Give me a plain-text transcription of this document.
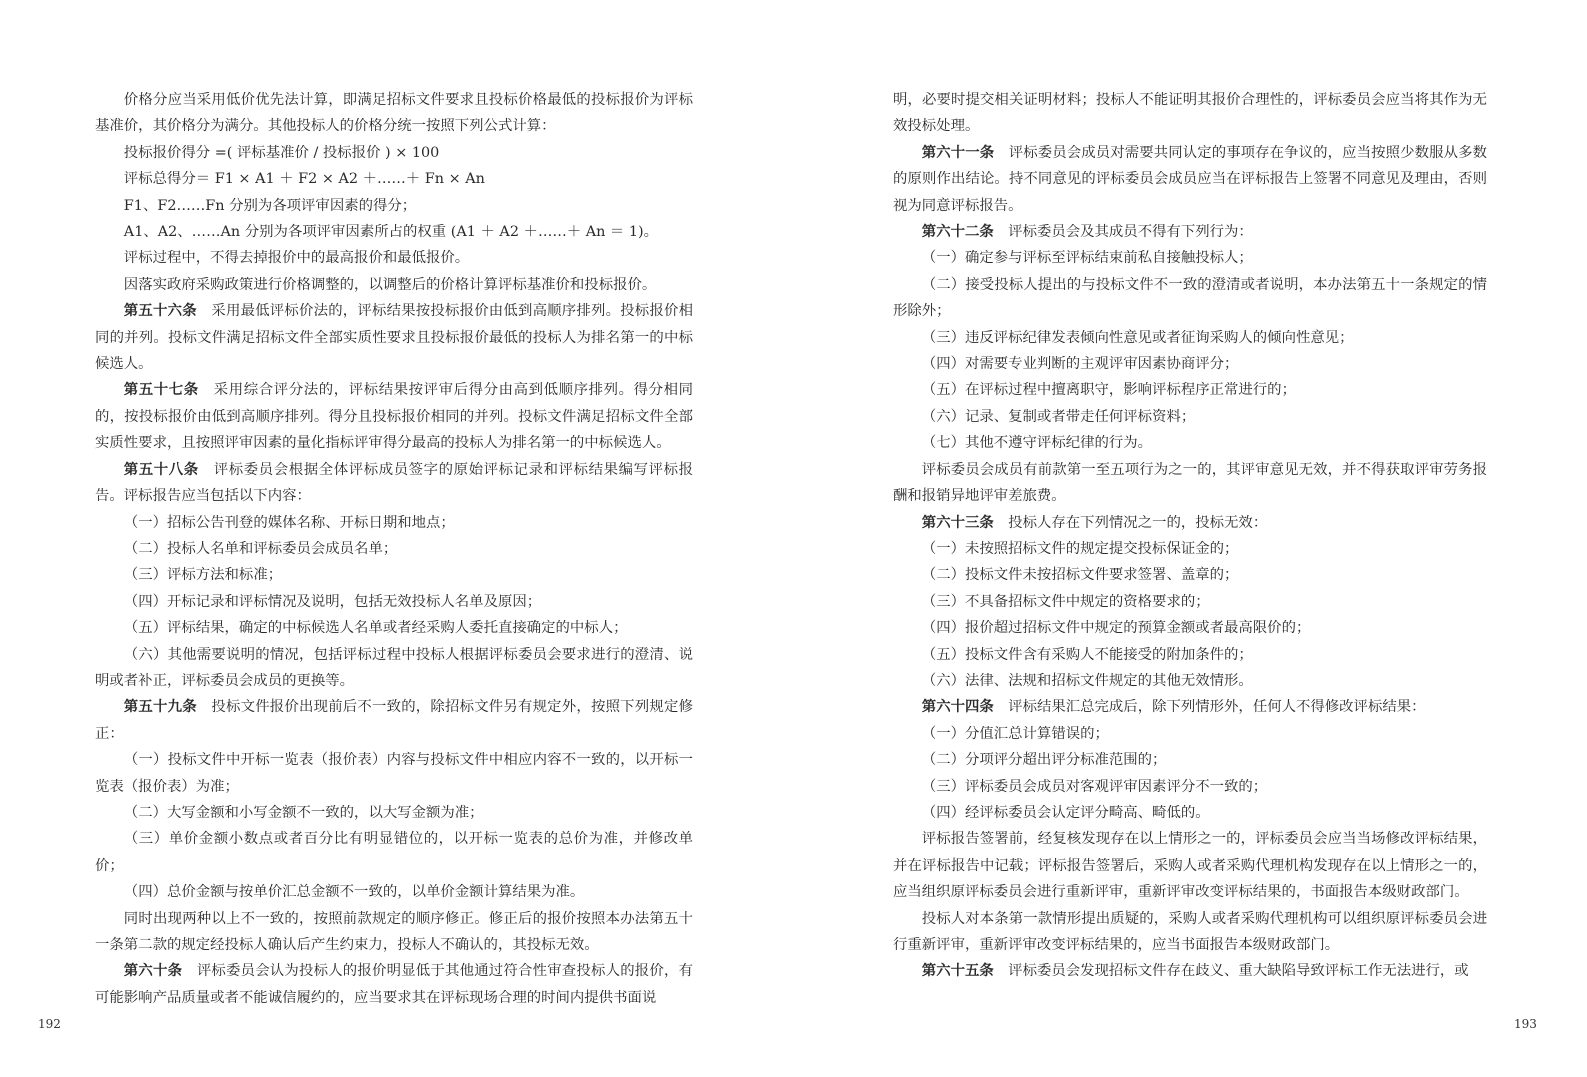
价格分应当采用低价优先法计算，即满足招标文件要求且投标价格最低的投标报价为评标基准价，其价格分为满分。其他投标人的价格分统一按照下列公式计算：

投标报价得分 =( 评标基准价 / 投标报价 ) × 100

评标总得分＝ F1 × A1 ＋ F2 × A2 ＋……＋ Fn × An

F1、F2……Fn 分别为各项评审因素的得分；

A1、A2、……An 分别为各项评审因素所占的权重 (A1 ＋ A2 ＋……＋ An ＝ 1)。

评标过程中，不得去掉报价中的最高报价和最低报价。

因落实政府采购政策进行价格调整的，以调整后的价格计算评标基准价和投标报价。

第五十六条　 采用最低评标价法的，评标结果按投标报价由低到高顺序排列。投标报价相同的并列。投标文件满足招标文件全部实质性要求且投标报价最低的投标人为排名第一的中标候选人。

第五十七条　 采用综合评分法的，评标结果按评审后得分由高到低顺序排列。得分相同的，按投标报价由低到高顺序排列。得分且投标报价相同的并列。投标文件满足招标文件全部实质性要求，且按照评审因素的量化指标评审得分最高的投标人为排名第一的中标候选人。

第五十八条　 评标委员会根据全体评标成员签字的原始评标记录和评标结果编写评标报告。评标报告应当包括以下内容：

（一）招标公告刊登的媒体名称、开标日期和地点；

（二）投标人名单和评标委员会成员名单；

（三）评标方法和标准；

（四）开标记录和评标情况及说明，包括无效投标人名单及原因；

（五）评标结果，确定的中标候选人名单或者经采购人委托直接确定的中标人；

（六）其他需要说明的情况，包括评标过程中投标人根据评标委员会要求进行的澄清、说明或者补正，评标委员会成员的更换等。

第五十九条　 投标文件报价出现前后不一致的，除招标文件另有规定外，按照下列规定修正：

（一）投标文件中开标一览表（报价表）内容与投标文件中相应内容不一致的，以开标一览表（报价表）为准；

（二）大写金额和小写金额不一致的，以大写金额为准；

（三）单价金额小数点或者百分比有明显错位的，以开标一览表的总价为准，并修改单价；

（四）总价金额与按单价汇总金额不一致的，以单价金额计算结果为准。

同时出现两种以上不一致的，按照前款规定的顺序修正。修正后的报价按照本办法第五十一条第二款的规定经投标人确认后产生约束力，投标人不确认的，其投标无效。

第六十条　 评标委员会认为投标人的报价明显低于其他通过符合性审查投标人的报价，有可能影响产品质量或者不能诚信履约的，应当要求其在评标现场合理的时间内提供书面说

192

明，必要时提交相关证明材料；投标人不能证明其报价合理性的，评标委员会应当将其作为无效投标处理。

第六十一条　 评标委员会成员对需要共同认定的事项存在争议的，应当按照少数服从多数的原则作出结论。持不同意见的评标委员会成员应当在评标报告上签署不同意见及理由，否则视为同意评标报告。

第六十二条　 评标委员会及其成员不得有下列行为：

（一）确定参与评标至评标结束前私自接触投标人；

（二）接受投标人提出的与投标文件不一致的澄清或者说明，本办法第五十一条规定的情形除外；

（三）违反评标纪律发表倾向性意见或者征询采购人的倾向性意见；

（四）对需要专业判断的主观评审因素协商评分；

（五）在评标过程中擅离职守，影响评标程序正常进行的；

（六）记录、复制或者带走任何评标资料；

（七）其他不遵守评标纪律的行为。

评标委员会成员有前款第一至五项行为之一的，其评审意见无效，并不得获取评审劳务报酬和报销异地评审差旅费。

第六十三条　 投标人存在下列情况之一的，投标无效：

（一）未按照招标文件的规定提交投标保证金的；

（二）投标文件未按招标文件要求签署、盖章的；

（三）不具备招标文件中规定的资格要求的；

（四）报价超过招标文件中规定的预算金额或者最高限价的；

（五）投标文件含有采购人不能接受的附加条件的；

（六）法律、法规和招标文件规定的其他无效情形。

第六十四条　 评标结果汇总完成后，除下列情形外，任何人不得修改评标结果：

（一）分值汇总计算错误的；

（二）分项评分超出评分标准范围的；

（三）评标委员会成员对客观评审因素评分不一致的；

（四）经评标委员会认定评分畸高、畸低的。

评标报告签署前，经复核发现存在以上情形之一的，评标委员会应当当场修改评标结果，并在评标报告中记载；评标报告签署后，采购人或者采购代理机构发现存在以上情形之一的，应当组织原评标委员会进行重新评审，重新评审改变评标结果的，书面报告本级财政部门。

投标人对本条第一款情形提出质疑的，采购人或者采购代理机构可以组织原评标委员会进行重新评审，重新评审改变评标结果的，应当书面报告本级财政部门。

第六十五条　 评标委员会发现招标文件存在歧义、重大缺陷导致评标工作无法进行，或

193
